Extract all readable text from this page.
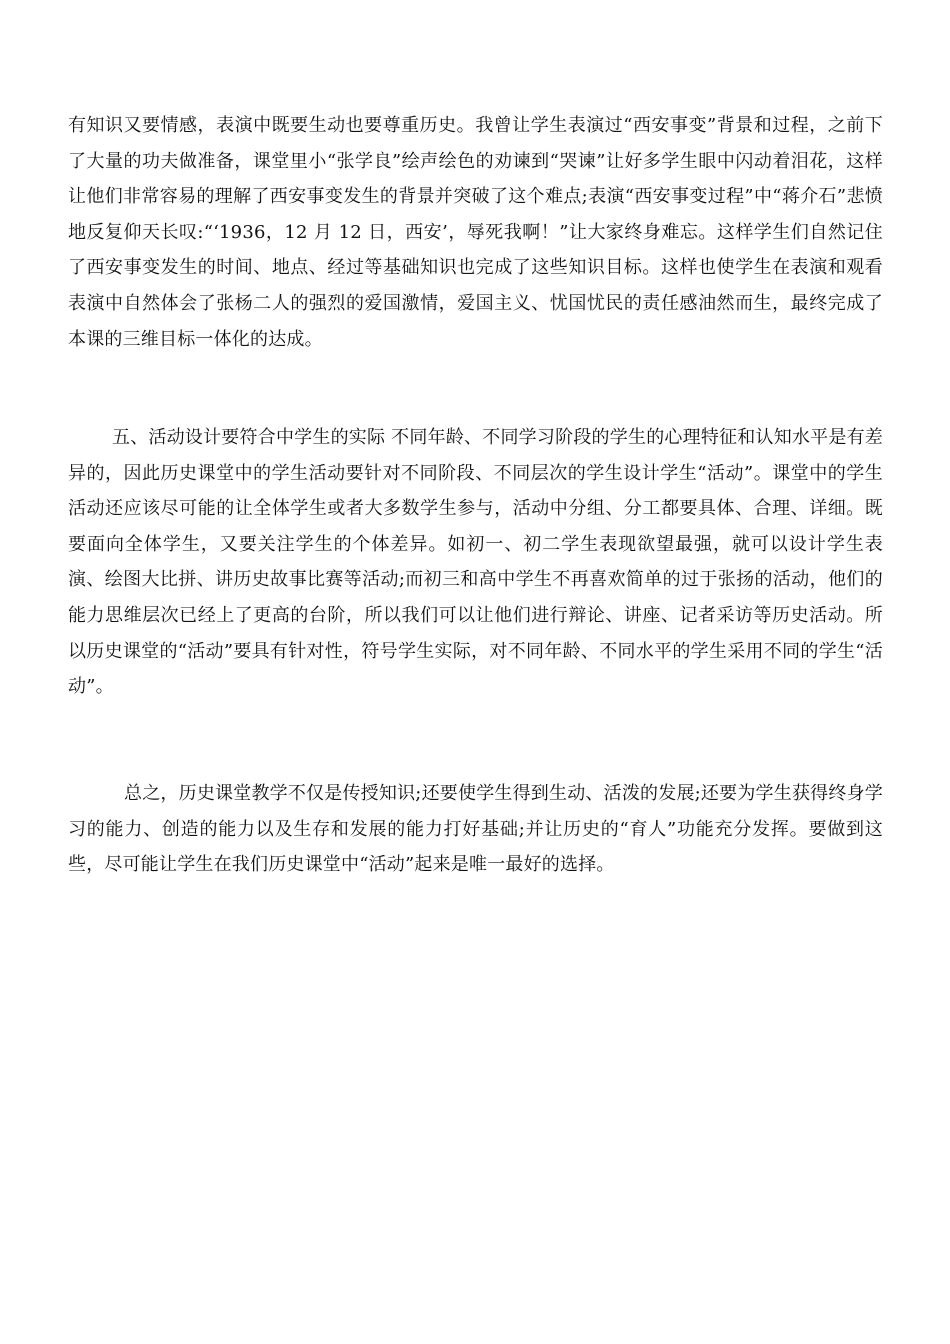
有知识又要情感，表演中既要生动也要尊重历史。我曾让学生表演过“西安事变”背景和过程，之前下了大量的功夫做准备，课堂里小“张学良”绘声绘色的劝谏到“哭谏”让好多学生眼中闪动着泪花，这样让他们非常容易的理解了西安事变发生的背景并突破了这个难点;表演“西安事变过程”中“蒋介石”悲愤地反复仰天长叹:“‘1936，12 月 12 日，西安’，辱死我啊！”让大家终身难忘。这样学生们自然记住了西安事变发生的时间、地点、经过等基础知识也完成了这些知识目标。这样也使学生在表演和观看表演中自然体会了张杨二人的强烈的爱国激情，爱国主义、忧国忧民的责任感油然而生，最终完成了本课的三维目标一体化的达成。

五、活动设计要符合中学生的实际 不同年龄、不同学习阶段的学生的心理特征和认知水平是有差异的，因此历史课堂中的学生活动要针对不同阶段、不同层次的学生设计学生“活动”。课堂中的学生活动还应该尽可能的让全体学生或者大多数学生参与，活动中分组、分工都要具体、合理、详细。既要面向全体学生，又要关注学生的个体差异。如初一、初二学生表现欲望最强，就可以设计学生表演、绘图大比拼、讲历史故事比赛等活动;而初三和高中学生不再喜欢简单的过于张扬的活动，他们的能力思维层次已经上了更高的台阶，所以我们可以让他们进行辩论、讲座、记者采访等历史活动。所以历史课堂的“活动”要具有针对性，符号学生实际，对不同年龄、不同水平的学生采用不同的学生“活动”。

总之，历史课堂教学不仅是传授知识;还要使学生得到生动、活泼的发展;还要为学生获得终身学习的能力、创造的能力以及生存和发展的能力打好基础;并让历史的“育人”功能充分发挥。要做到这些，尽可能让学生在我们历史课堂中“活动”起来是唯一最好的选择。
